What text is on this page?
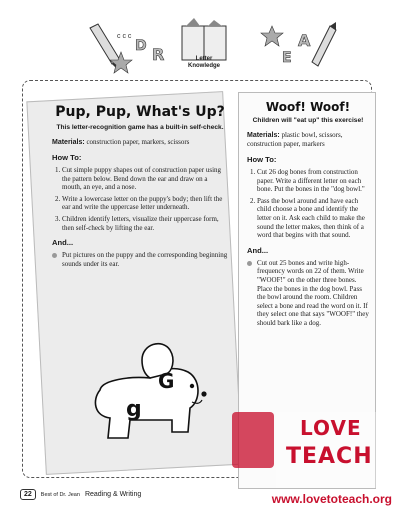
c c c
D R	E
A
Letter Knowledge
Pup, Pup, What's Up?
This letter-recognition game has a built-in self-check.
Materials: construction paper, markers, scissors
How To:
1. Cut simple puppy shapes out of construction paper using the pattern below. Bend down the ear and draw on a mouth, an eye, and a nose.
2. Write a lowercase letter on the puppy's body; then lift the ear and write the uppercase letter underneath.
3. Children identify letters, visualize their uppercase form, then self-check by lifting the ear.
And...
Put pictures on the puppy and the corresponding beginning sounds under its ear.
G
g
Woof! Woof!
Children will "eat up" this exercise!
Materials: plastic bowl, scissors, construction paper, markers
How To:
1. Cut 26 dog bones from construction paper. Write a different letter on each bone. Put the bones in the "dog bowl."
2. Pass the bowl around and have each child choose a bone and identify the letter on it. Ask each child to make the sound the letter makes, then think of a word that begins with that sound.
And...
Cut out 25 bones and write high-frequency words on 22 of them. Write "WOOF!" on the other three bones. Place the bones in the dog bowl. Pass the bowl around the room. Children select a bone and read the word on it. If they select one that says "WOOF!" they should bark like a dog.
LOVE
TEACH
www.lovetoteach.org
22	Best of Dr. Jean Reading & Writing
